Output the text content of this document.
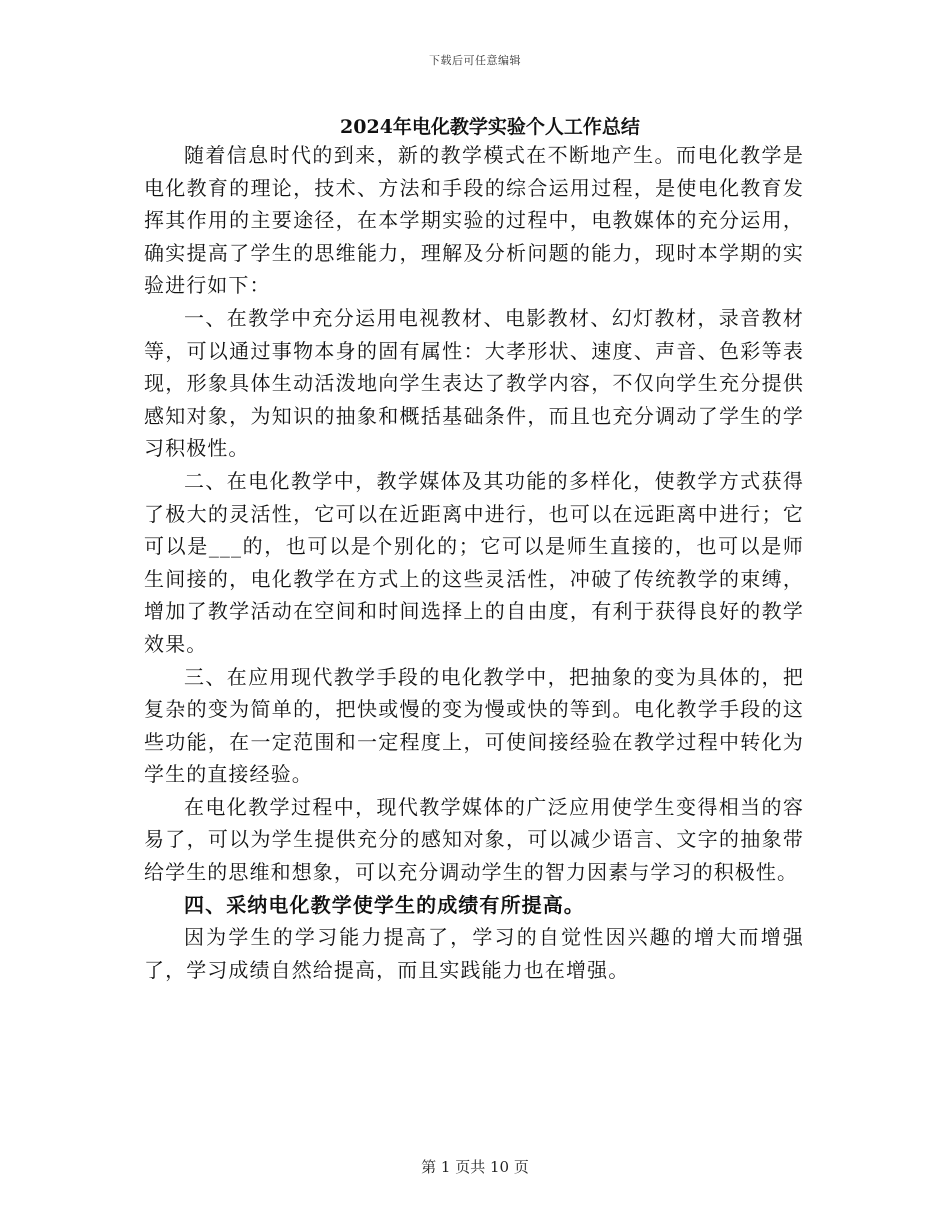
下载后可任意编辑
2024年电化教学实验个人工作总结

随着信息时代的到来，新的教学模式在不断地产生。而电化教学是电化教育的理论，技术、方法和手段的综合运用过程，是使电化教育发挥其作用的主要途径，在本学期实验的过程中，电教媒体的充分运用，确实提高了学生的思维能力，理解及分析问题的能力，现时本学期的实验进行如下：

一、在教学中充分运用电视教材、电影教材、幻灯教材，录音教材等，可以通过事物本身的固有属性：大孝形状、速度、声音、色彩等表现，形象具体生动活泼地向学生表达了教学内容，不仅向学生充分提供感知对象，为知识的抽象和概括基础条件，而且也充分调动了学生的学习积极性。

二、在电化教学中，教学媒体及其功能的多样化，使教学方式获得了极大的灵活性，它可以在近距离中进行，也可以在远距离中进行；它可以是___的，也可以是个别化的；它可以是师生直接的，也可以是师生间接的，电化教学在方式上的这些灵活性，冲破了传统教学的束缚，增加了教学活动在空间和时间选择上的自由度，有利于获得良好的教学效果。

三、在应用现代教学手段的电化教学中，把抽象的变为具体的，把复杂的变为简单的，把快或慢的变为慢或快的等到。电化教学手段的这些功能，在一定范围和一定程度上，可使间接经验在教学过程中转化为学生的直接经验。

在电化教学过程中，现代教学媒体的广泛应用使学生变得相当的容易了，可以为学生提供充分的感知对象，可以减少语言、文字的抽象带给学生的思维和想象，可以充分调动学生的智力因素与学习的积极性。

四、采纳电化教学使学生的成绩有所提高。

因为学生的学习能力提高了，学习的自觉性因兴趣的增大而增强了，学习成绩自然给提高，而且实践能力也在增强。

第 1 页共 10 页
